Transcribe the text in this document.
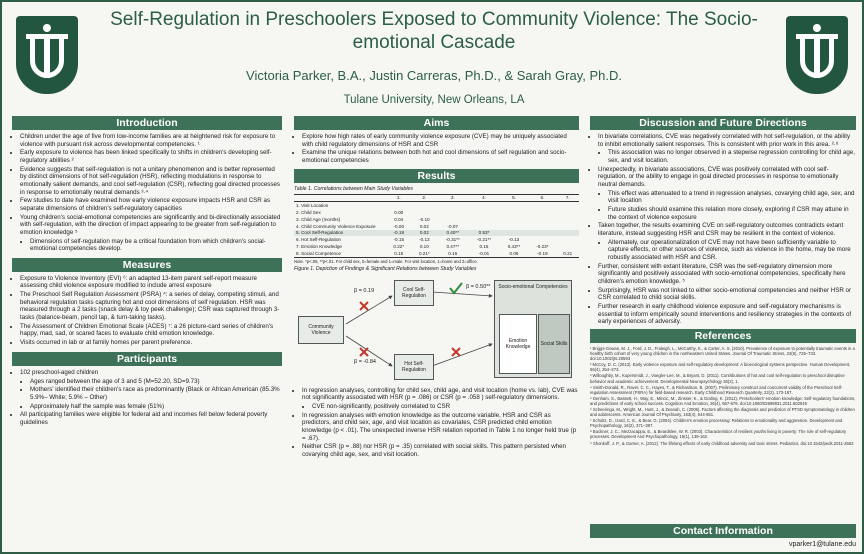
Self-Regulation in Preschoolers Exposed to Community Violence: The Socio-emotional Cascade
Victoria Parker, B.A., Justin Carreras, Ph.D., & Sarah Gray, Ph.D.
Tulane University, New Orleans, LA
Introduction
• Children under the age of five from low-income families are at heightened risk for exposure to violence with pursuant risk across developmental competencies. ¹
• Early exposure to violence has been linked specifically to shifts in children's developing self-regulatory abilities ²
• Evidence suggests that self-regulation is not a unitary phenomenon and is better represented by distinct dimensions of hot self-regulation (HSR), reflecting modulations in response to emotionally salient demands, and cool self-regulation (CSR), reflecting goal directed processes in response to emotionally neutral demands ³·⁴
• Few studies to date have examined how early violence exposure impacts HSR and CSR as separate dimensions of children's self-regulatory capacities
• Young children's social-emotional competencies are significantly and bi-directionally associated with self-regulation, with the direction of impact appearing to be greater from self-regulation to emotion knowledge ⁵
• Dimensions of self-regulation may be a critical foundation from which children's social-emotional competencies develop.
Measures
• Exposure to Violence Inventory (EVI) ⁶: an adapted 13-item parent self-report measure assessing child violence exposure modified to include arrest exposure
• The Preschool Self Regulation Assessment (PSRA) ⁴: a series of delay, competing stimuli, and behavioral regulation tasks capturing hot and cool dimensions of self regulation. HSR was measured through a 2 tasks (snack delay & toy peek challenge); CSR was captured through 3-tasks (balance-beam, pencil tap, & turn-taking tasks).
• The Assessment of Children Emotional Scale (ACES) ⁷: a 26 picture-card series of children's happy, mad, sad, or scared faces to evaluate child emotion knowledge.
• Visits occurred in lab or at family homes per parent preference.
Participants
• 102 preschool-aged children
• Ages ranged between the age of 3 and 5 (M=52.20, SD=9.73)
• Mothers' identified their children's race as predominantly (Black or African American (85.3% 5.9%– White; 5.9% – Other)
• Approximately half the sample was female (51%)
• All participating families were eligible for federal aid and incomes fell below federal poverty guidelines
Aims
• Explore how high rates of early community violence exposure (CVE) may be uniquely associated with child regulatory dimensions of HSR and CSR
• Examine the unique relations between both hot and cool dimensions of self regulation and socio-emotional competencies
Results
Table 1. Correlations between Main Study Variables
	1.	2.	3.	4.	5.	6.	7.
1. Visit Location							
2. Child Sex	0.00						
3. Child Age (months)	0.04	-0.10					
4. Child Community Violence Exposure	-0.00	0.02	-0.07				
5. Cool Self-Regulation	-0.18	0.02	0.40**	0.53*			
6. Hot Self-Regulation	-0.15	-0.13	-0.31**	-0.21**	-0.13		
7. Emotion Knowledge	0.22*	0.10	0.47**	0.15	0.43**	-0.23*	
8. Social Competence	0.16	0.21*	0.16	-0.01	0.06	-0.19	0.21
Note. *p<.05, **p<.01. For child sex, 0=female and 1=male. For visit location, 1=home and 2=office.
Figure 1. Depiction of Findings & Significant Relations between Study Variables
Community Violence
Cool Self-Regulation
Hot Self-Regulation
Socio-emotional Competencies
Emotion Knowledge	Social Skills
β = 0.19
β = -0.84
β = 0.50**
• In regression analyses, controlling for child sex, child age, and visit location (home vs. lab), CVE was not significantly associated with HSR (p = .086) or CSR (p = .058 ) self-regulatory dimensions.
• CVE non-significantly, positively correlated to CSR
• In regression analyses with emotion knowledge as the outcome variable, HSR and CSR as predictors, and child sex, age, and visit location as covariates, CSR predicted child emotion knowledge (p < .01). The unexpected inverse HSR relation reported in Table 1 no longer held true (p = .67).
• Neither CSR (p = .88) nor HSR (p = .35) correlated with social skills. This pattern persisted when covarying child age, sex, and visit location.
Discussion and Future Directions
• In bivariate correlations, CVE was negatively correlated with hot self-regulation, or the ability to inhibit emotionally salient responses. This is consistent with prior work in this area. ²·⁸
• This association was no longer observed in a stepwise regression controlling for child age, sex, and visit location.
• Unexpectedly, in bivariate associations, CVE was positively correlated with cool self-regulation, or the ability to engage in goal directed processes in response to emotionally neutral demands.
• This effect was attenuated to a trend in regression analyses, covarying child age, sex, and visit location
• Future studies should examine this relation more closely, exploring if CSR may attune in the context of violence exposure
• Taken together, the results examining CVE on self-regulatory outcomes contradicts extant literature, instead suggesting HSR and CSR may be resilient in the context of violence.
• Alternately, our operationalization of CVE may not have been sufficiently variable to capture effects, or other sources of violence, such as violence in the home, may be more robustly associated with HSR and CSR.
• Further, consistent with extant literature, CSR was the self-regulatory dimension more significantly and positively associated with socio-emotional competencies, specifically here children's emotion knowledge. ⁵
• Surprisingly, HSR was not linked to either socio-emotional competencies and neither HSR or CSR correlated to child social skills.
• Further research in early childhood violence exposure and self-regulatory mechanisms is essential to inform empirically sound interventions and resiliency strategies in the contexts of early experiences of adversity.
References

¹ Briggs-Gowan, M. J., Ford, J. D., Fraleigh, L., McCarthy, K., & Carter, A. S. (2010). Prevalence of exposure to potentially traumatic events in a healthy birth cohort of very young children in the northeastern United States. Journal Of Traumatic Stress, 23(6), 725–733. doi:10.1002/jts.20593

² McCoy, D. C. (2013). Early violence exposure and self-regulatory development: A bioecological systems perspective. Human Development, 56(4), 254–273.

³ Willoughby, M., Kupersmidt, J., Voegler-Lee, M., & Bryant, D. (2011). Contributions of hot and cool self-regulation to preschool disruptive behavior and academic achievement. Developmental Neuropsychology 36(2), 1.

⁴ Smith-Donald, R., Raver, C. C., Hayes, T., & Richardson, B. (2007). Preliminary construct and concurrent validity of the Preschool Self-regulation Assessment (PSRA) for field-based research. Early Childhood Research Quarterly, 22(2), 173-187.

⁵ Denham, S., Bassett, H., Way, E., Mincic, M., Zinsser, K., & Graling, K. (2012). Preschoolers' emotion knowledge: Self-regulatory foundations, and predictions of early school success. Cognition And Emotion, 26(4), 667-679. doi:10.1080/02699931.2011.602049

⁶ Scheeringa, M., Wright, M., Hunt, J., & Zeanah, C. (2006). Factors affecting the diagnosis and prediction of PTSD symptomatology in children and adolescents. American Journal Of Psychiatry, 163(4), 644-651.

⁷ Schultz, D., Izard, C. E., & Bear, G. (2004). Children's emotion processing: Relations to emotionality and aggression. Development and Psychopathology, 16(2), 371–387.

⁸ Buckner, J. C., Mezzacappa, E., & Beardslee, W. R. (2003). Characteristics of resilient youths living in poverty: The role of self-regulatory processes. Development And Psychopathology, 15(1), 139-162.

⁹ Shonkoff, J. P., & Garner, A. (2012). The lifelong effects of early childhood adversity and toxic stress. Pediatrics, doi:10.1542/peds.2011-2663

Contact Information
vparker1@tulane.edu
